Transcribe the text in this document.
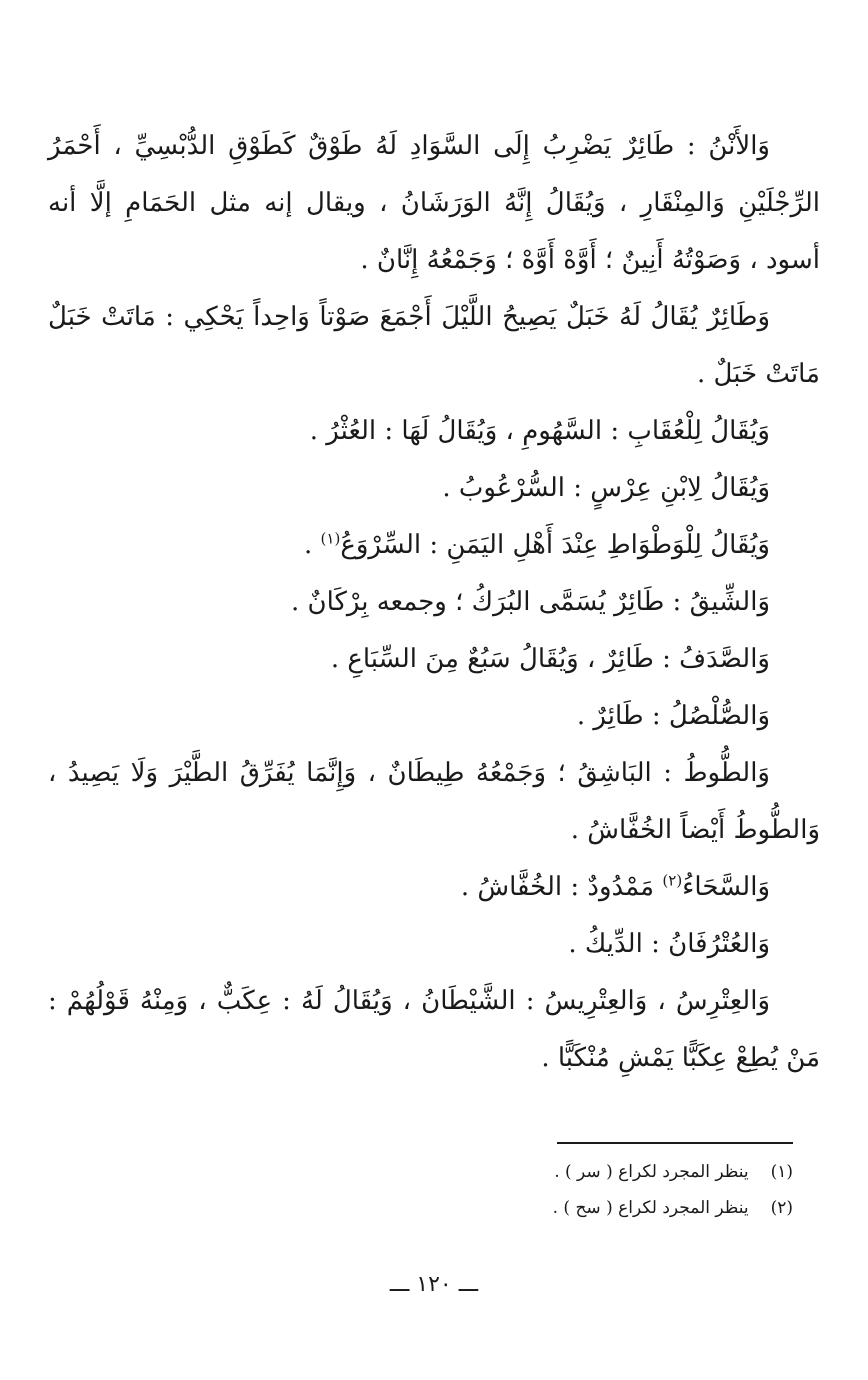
وَالأَنْنُ : طَائِرٌ يَضْرِبُ إِلَى السَّوَادِ لَهُ طَوْقٌ كَطَوْقِ الدُّبْسِيِّ ، أَحْمَرُ الرِّجْلَيْنِ وَالمِنْقَارِ ، وَيُقَالُ إِنَّهُ الوَرَشَانُ ، ويقال إنه مثل الحَمَامِ إلَّا أنه أسود ، وَصَوْتُهُ أَنِينٌ ؛ أَوَّهْ أَوَّهْ ؛ وَجَمْعُهُ إِنَّانٌ .

وَطَائِرٌ يُقَالُ لَهُ خَبَلٌ يَصِيحُ اللَّيْلَ أَجْمَعَ صَوْتاً وَاحِداً يَحْكِي : مَاتَتْ خَبَلٌ مَاتَتْ خَبَلٌ .

وَيُقَالُ لِلْعُقَابِ : السَّهُومِ ، وَيُقَالُ لَهَا : العُثْرُ .

وَيُقَالُ لِابْنِ عِرْسٍ : السُّرْعُوبُ .

وَيُقَالُ لِلْوَطْوَاطِ عِنْدَ أَهْلِ اليَمَنِ : السِّرْوَعُ$^{(١)}$ .

وَالشِّيقُ : طَائِرٌ يُسَمَّى البُرَكُ ؛ وجمعه بِرْكَانٌ .

وَالصَّدَفُ : طَائِرٌ ، وَيُقَالُ سَبُعٌ مِنَ السِّبَاعِ .

وَالصُّلْصُلُ : طَائِرٌ .

وَالطُّوطُ : البَاشِقُ ؛ وَجَمْعُهُ طِيطَانٌ ، وَإِنَّمَا يُفَرِّقُ الطَّيْرَ وَلَا يَصِيدُ ، وَالطُّوطُ أَيْضاً الخُفَّاشُ .

وَالسَّحَاءُ$^{(٢)}$ مَمْدُودٌ : الخُفَّاشُ .

وَالعُتْرُفَانُ : الدِّيكُ .

وَالعِتْرِسُ ، وَالعِتْرِيسُ : الشَّيْطَانُ ، وَيُقَالُ لَهُ : عِكَبٌّ ، وَمِنْهُ قَوْلُهُمْ : مَنْ يُطِعْ عِكَبًّا يَمْشِ مُنْكَبًّا .

(١)ينظر المجرد لكراع ( سر ) .

(٢)ينظر المجرد لكراع ( سح ) .

ـــ ١٢٠ ـــ
